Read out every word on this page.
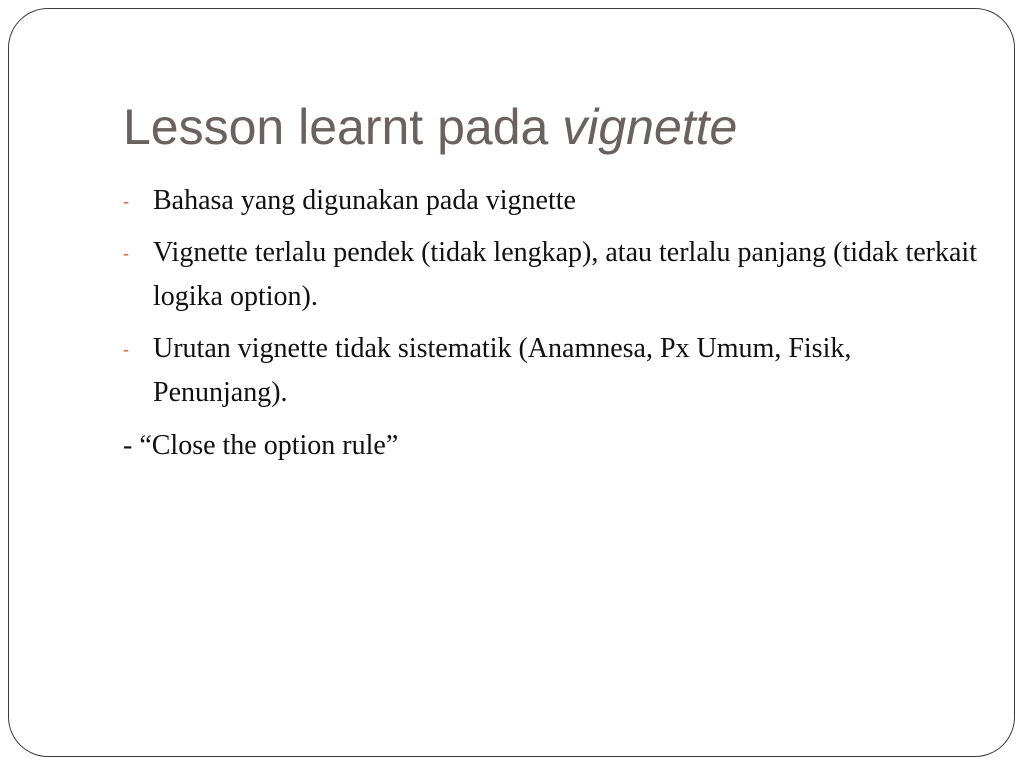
Lesson learnt pada vignette
- Bahasa yang digunakan pada vignette
- Vignette terlalu pendek (tidak lengkap), atau terlalu panjang (tidak terkait logika option).
- Urutan vignette tidak sistematik (Anamnesa, Px Umum, Fisik, Penunjang).

- “Close the option rule”
